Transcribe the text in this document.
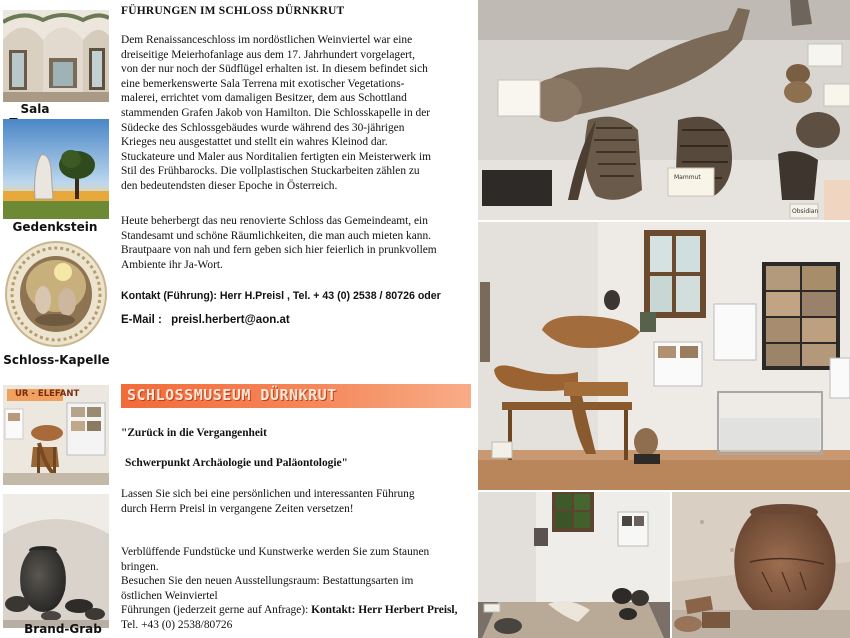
Sala
Gedenkstein
Schloss-Kapelle
UR - ELEFANT
Brand-Grab
FÜHRUNGEN IM SCHLOSS DÜRNKRUT
Dem Renaissanceschloss im nordöstlichen Weinviertel war eine
dreiseitige Meierhofanlage aus dem 17. Jahrhundert vorgelagert,
von der nur noch der Südflügel erhalten ist. In diesem befindet sich
eine bemerkenswerte Sala Terrena mit exotischer Vegetations-
malerei, errichtet vom damaligen Besitzer, dem aus Schottland
stammenden Grafen Jakob von Hamilton. Die Schlosskapelle in der
Südecke des Schlossgebäudes wurde während des 30-jährigen
Krieges neu ausgestattet und stellt ein wahres Kleinod dar.
Stuckateure und Maler aus Norditalien fertigten ein Meisterwerk im
Stil des Frühbarocks. Die vollplastischen Stuckarbeiten zählen zu
den bedeutendsten dieser Epoche in Österreich.
Heute beherbergt das neu renovierte Schloss das Gemeindeamt, ein
Standesamt und schöne Räumlichkeiten, die man auch mieten kann.
Brautpaare von nah und fern geben sich hier feierlich in prunkvollem
Ambiente ihr Ja-Wort.
Kontakt (Führung): Herr H.Preisl , Tel. + 43 (0) 2538 / 80726 oder
E-Mail : preisl.herbert@aon.at
SCHLOSSMUSEUM DÜRNKRUT
"Zurück in die Vergangenheit
Schwerpunkt Archäologie und Paläontologie"
Lassen Sie sich bei eine persönlichen und interessanten Führung
durch Herrn Preisl in vergangene Zeiten versetzen!
Verblüffende Fundstücke und Kunstwerke werden Sie zum Staunen
bringen.
Besuchen Sie den neuen Ausstellungsraum: Bestattungsarten im
östlichen Weinviertel
Führungen (jederzeit gerne auf Anfrage): Kontakt: Herr Herbert Preisl,
Tel. +43 (0) 2538/80726
Mammut
Obsidian
